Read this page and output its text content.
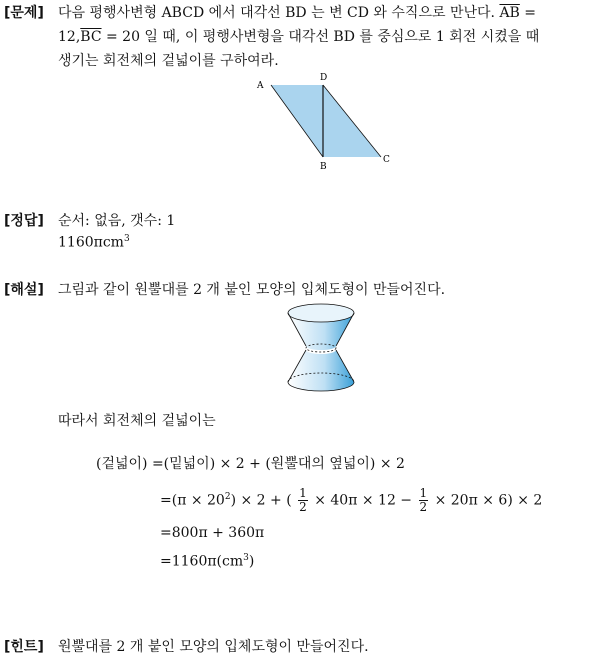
[문제] 다음 평행사변형 ABCD 에서 대각선 BD 는 변 CD 와 수직으로 만난다. $\overline{AB}$ =
$12,\overline{BC} = 20$ 일 때, 이 평행사변형을 대각선 BD 를 중심으로 1 회전 시켰을 때
생기는 회전체의 겉넓이를 구하여라.
A
D
B
C
[정답] 순서: 없음, 갯수: 1
1160πcm$^3$
[해설] 그림과 같이 원뿔대를 2 개 붙인 모양의 입체도형이 만들어진다.
따라서 회전체의 겉넓이는
(겉넓이) =(밑넓이) × 2 + (원뿔대의 옆넓이) × 2
$=(\pi \times 20^2) \times 2$ + ( $\frac{1}{2} \times 40\pi \times 12 - \frac{1}{2} \times 20\pi \times 6) \times 2$
=800π + 360π
$=1160\pi(cm^3)$
[힌트] 원뿔대를 2 개 붙인 모양의 입체도형이 만들어진다.
